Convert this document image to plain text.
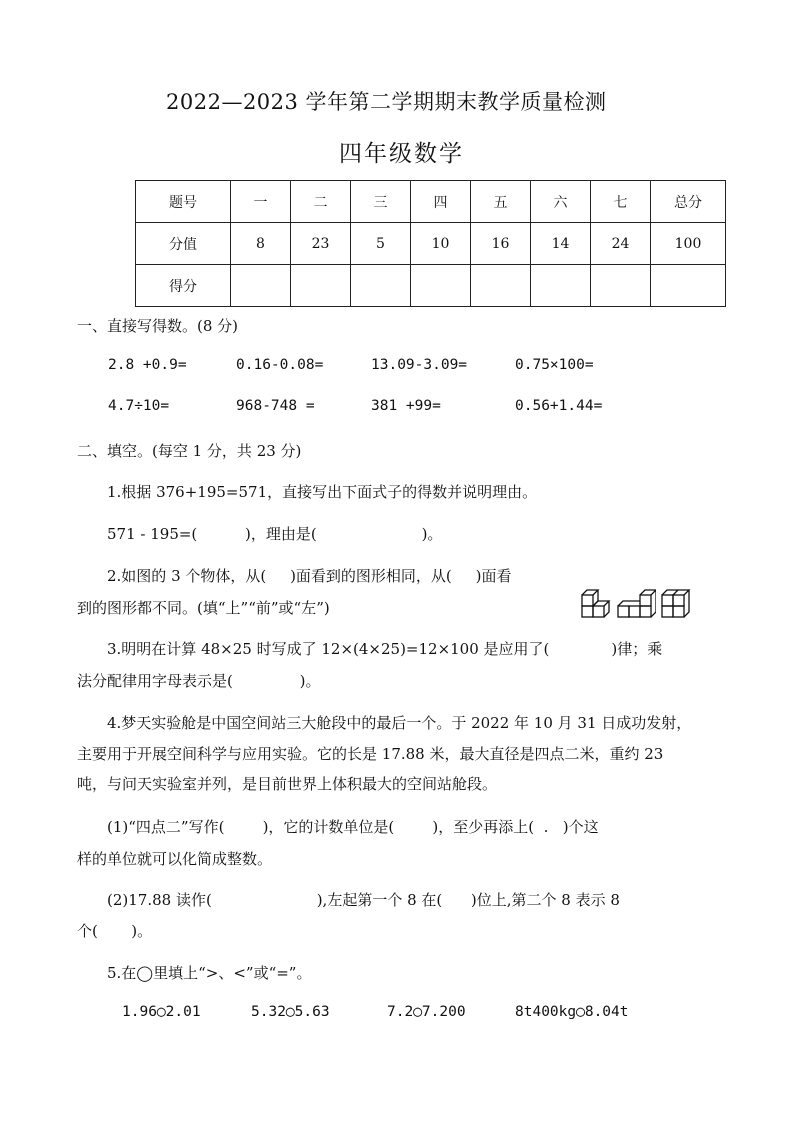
2022—2023 学年第二学期期末教学质量检测
四年级数学
题号	一	二	三	四	五	六	七	总分
分值	8	23	5	10	16	14	24	100
得分								
一、直接写得数。(8 分)
2.8 +0.9=	0.16-0.08=	13.09-3.09=	0.75×100=
4.7÷10=	968-748 =	381 +99=	0.56+1.44=
二、填空。(每空 1 分，共 23 分)
1.根据 376+195=571，直接写出下面式子的得数并说明理由。
571 - 195=(          )，理由是(                      )。
2.如图的 3 个物体，从(     )面看到的图形相同，从(     )面看
到的图形都不同。(填“上”“前”或“左”)
3.明明在计算 48×25 时写成了 12×(4×25)=12×100 是应用了(             )律；乘
法分配律用字母表示是(              )。
4.梦天实验舱是中国空间站三大舱段中的最后一个。于 2022 年 10 月 31 日成功发射，
主要用于开展空间科学与应用实验。它的长是 17.88 米，最大直径是四点二米，重约 23
吨，与问天实验室并列，是目前世界上体积最大的空间站舱段。
(1)“四点二”写作(        )，它的计数单位是(        )，至少再添上(  .   )个这
样的单位就可以化简成整数。
(2)17.88 读作(                      ),左起第一个 8 在(      )位上,第二个 8 表示 8
个(       )。
5.在◯里填上“>、<”或“=”。
1.96◯2.01	5.32◯5.63	7.2◯7.200	8t400kg◯8.04t
